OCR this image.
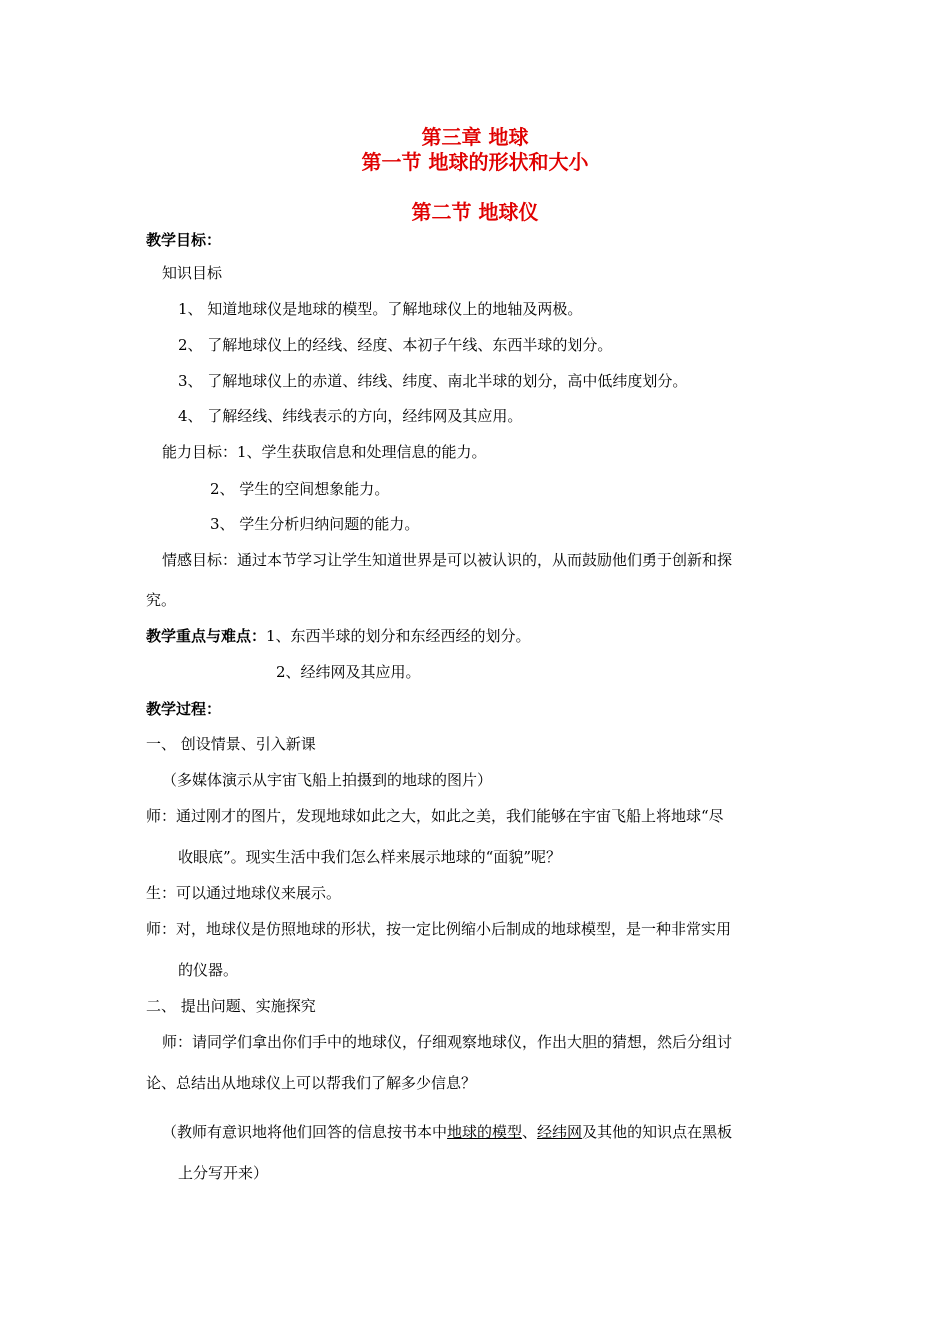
第三章 地球
第一节 地球的形状和大小
第二节 地球仪
教学目标：
知识目标
1、 知道地球仪是地球的模型。了解地球仪上的地轴及两极。
2、 了解地球仪上的经线、经度、本初子午线、东西半球的划分。
3、 了解地球仪上的赤道、纬线、纬度、南北半球的划分，高中低纬度划分。
4、 了解经线、纬线表示的方向，经纬网及其应用。
能力目标：1、学生获取信息和处理信息的能力。
2、 学生的空间想象能力。
3、 学生分析归纳问题的能力。
情感目标：通过本节学习让学生知道世界是可以被认识的，从而鼓励他们勇于创新和探
究。
教学重点与难点：1、东西半球的划分和东经西经的划分。
2、经纬网及其应用。
教学过程：
一、 创设情景、引入新课
（多媒体演示从宇宙飞船上拍摄到的地球的图片）
师：通过刚才的图片，发现地球如此之大，如此之美，我们能够在宇宙飞船上将地球“尽
收眼底”。现实生活中我们怎么样来展示地球的“面貌”呢？
生：可以通过地球仪来展示。
师：对，地球仪是仿照地球的形状，按一定比例缩小后制成的地球模型，是一种非常实用
的仪器。
二、 提出问题、实施探究
师：请同学们拿出你们手中的地球仪，仔细观察地球仪，作出大胆的猜想，然后分组讨
论、总结出从地球仪上可以帮我们了解多少信息？
（教师有意识地将他们回答的信息按书本中地球的模型、经纬网及其他的知识点在黑板
上分写开来）
